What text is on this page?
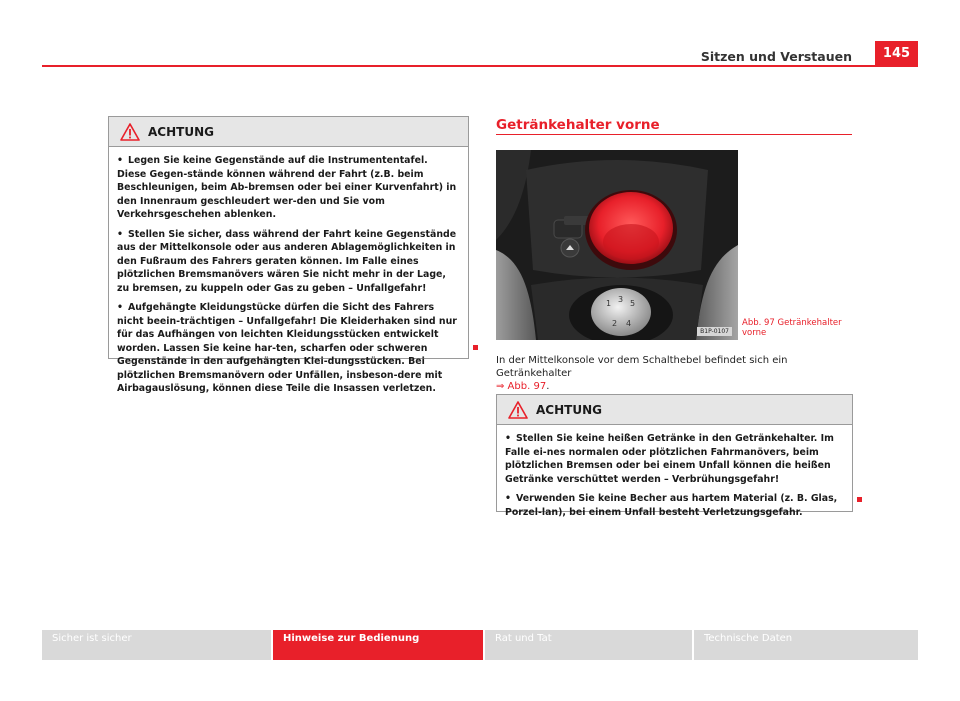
Sitzen und Verstauen	145
ACHTUNG

• Legen Sie keine Gegenstände auf die Instrumententafel. Diese Gegen-stände können während der Fahrt (z.B. beim Beschleunigen, beim Ab-bremsen oder bei einer Kurvenfahrt) in den Innenraum geschleudert wer-den und Sie vom Verkehrsgeschehen ablenken.

• Stellen Sie sicher, dass während der Fahrt keine Gegenstände aus der Mittelkonsole oder aus anderen Ablagemöglichkeiten in den Fußraum des Fahrers geraten können. Im Falle eines plötzlichen Bremsmanövers wären Sie nicht mehr in der Lage, zu bremsen, zu kuppeln oder Gas zu geben – Unfallgefahr!

• Aufgehängte Kleidungstücke dürfen die Sicht des Fahrers nicht beein-trächtigen – Unfallgefahr! Die Kleiderhaken sind nur für das Aufhängen von leichten Kleidungsstücken entwickelt worden. Lassen Sie keine har-ten, scharfen oder schweren Gegenstände in den aufgehängten Klei-dungsstücken. Bei plötzlichen Bremsmanövern oder Unfällen, insbeson-dere mit Airbagauslösung, können diese Teile die Insassen verletzen.

Getränkehalter vorne
1 3 5
2 4
B1P-0107
Abb. 97 Getränkehalter vorne
In der Mittelkonsole vor dem Schalthebel befindet sich ein Getränkehalter
⇒ Abb. 97.
ACHTUNG

• Stellen Sie keine heißen Getränke in den Getränkehalter. Im Falle ei-nes normalen oder plötzlichen Fahrmanövers, beim plötzlichen Bremsen oder bei einem Unfall können die heißen Getränke verschüttet werden – Verbrühungsgefahr!

• Verwenden Sie keine Becher aus hartem Material (z. B. Glas, Porzel-lan), bei einem Unfall besteht Verletzungsgefahr.

Sicher ist sicher	Hinweise zur Bedienung	Rat und Tat	Technische Daten
